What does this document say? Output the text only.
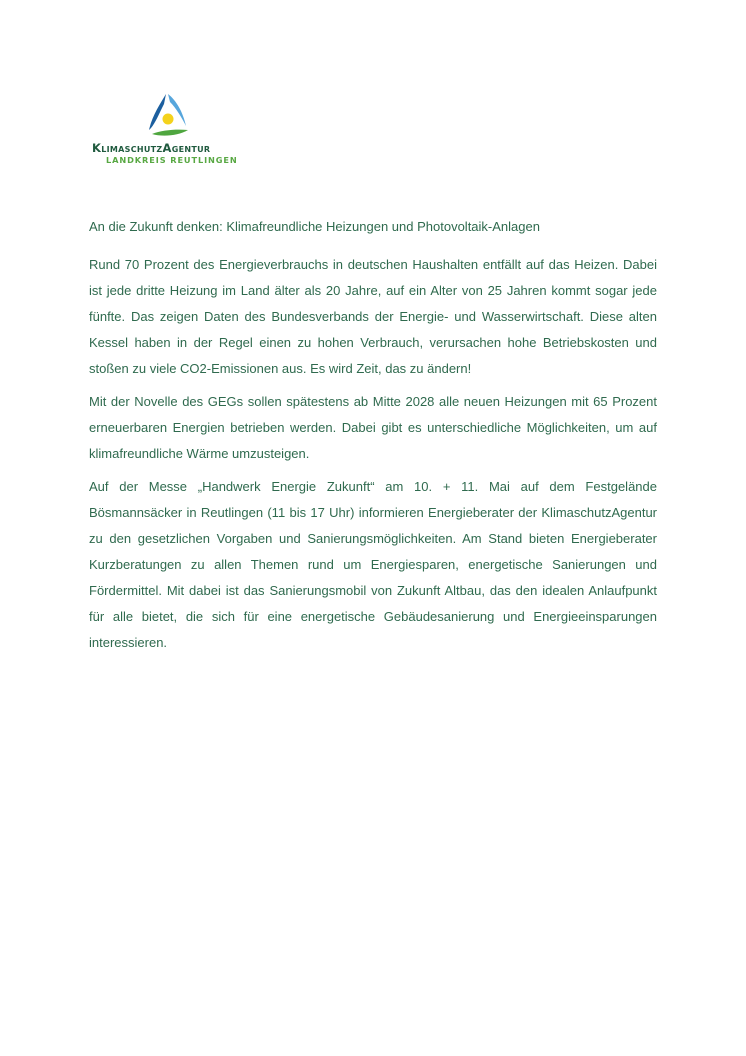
KlimaschutzAgentur
LANDKREIS REUTLINGEN
An die Zukunft denken: Klimafreundliche Heizungen und Photovoltaik-Anlagen

Rund 70 Prozent des Energieverbrauchs in deutschen Haushalten entfällt auf das Heizen. Dabei ist jede dritte Heizung im Land älter als 20 Jahre, auf ein Alter von 25 Jahren kommt sogar jede fünfte. Das zeigen Daten des Bundesverbands der Energie- und Wasserwirtschaft. Diese alten Kessel haben in der Regel einen zu hohen Verbrauch, verursachen hohe Betriebskosten und stoßen zu viele CO2-Emissionen aus. Es wird Zeit, das zu ändern!

Mit der Novelle des GEGs sollen spätestens ab Mitte 2028 alle neuen Heizungen mit 65 Prozent erneuerbaren Energien betrieben werden. Dabei gibt es unterschiedliche Möglichkeiten, um auf klimafreundliche Wärme umzusteigen.

Auf der Messe „Handwerk Energie Zukunft“ am 10. + 11. Mai auf dem Festgelände Bösmannsäcker in Reutlingen (11 bis 17 Uhr) informieren Energieberater der KlimaschutzAgentur zu den gesetzlichen Vorgaben und Sanierungsmöglichkeiten. Am Stand bieten Energieberater Kurzberatungen zu allen Themen rund um Energiesparen, energetische Sanierungen und Fördermittel. Mit dabei ist das Sanierungsmobil von Zukunft Altbau, das den idealen Anlaufpunkt für alle bietet, die sich für eine energetische Gebäudesanierung und Energieeinsparungen interessieren.
